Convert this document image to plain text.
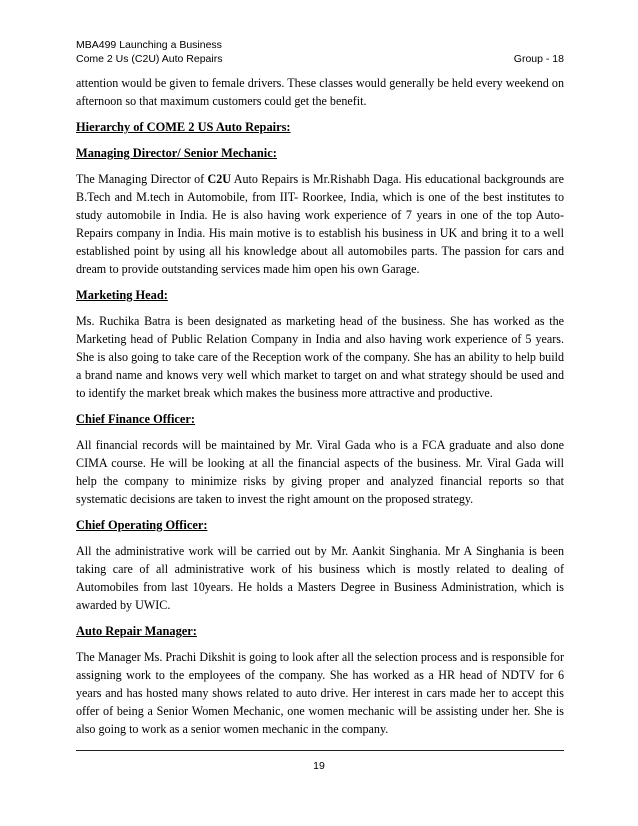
MBA499 Launching a Business
Come 2 Us (C2U) Auto Repairs	Group - 18

attention would be given to female drivers. These classes would generally be held every weekend on afternoon so that maximum customers could get the benefit.

Hierarchy of COME 2 US Auto Repairs:
Managing Director/ Senior Mechanic:

The Managing Director of C2U Auto Repairs is Mr.Rishabh Daga. His educational backgrounds are B.Tech and M.tech in Automobile, from IIT- Roorkee, India, which is one of the best institutes to study automobile in India. He is also having work experience of 7 years in one of the top Auto-Repairs company in India. His main motive is to establish his business in UK and bring it to a well established point by using all his knowledge about all automobiles parts. The passion for cars and dream to provide outstanding services made him open his own Garage.

Marketing Head:

Ms. Ruchika Batra is been designated as marketing head of the business. She has worked as the Marketing head of Public Relation Company in India and also having work experience of 5 years. She is also going to take care of the Reception work of the company. She has an ability to help build a brand name and knows very well which market to target on and what strategy should be used and to identify the market break which makes the business more attractive and productive.

Chief Finance Officer:

All financial records will be maintained by Mr. Viral Gada who is a FCA graduate and also done CIMA course. He will be looking at all the financial aspects of the business. Mr. Viral Gada will help the company to minimize risks by giving proper and analyzed financial reports so that systematic decisions are taken to invest the right amount on the proposed strategy.

Chief Operating Officer:

All the administrative work will be carried out by Mr. Aankit Singhania. Mr A Singhania is been taking care of all administrative work of his business which is mostly related to dealing of Automobiles from last 10years. He holds a Masters Degree in Business Administration, which is awarded by UWIC.

Auto Repair Manager:

The Manager Ms. Prachi Dikshit is going to look after all the selection process and is responsible for assigning work to the employees of the company. She has worked as a HR head of NDTV for 6 years and has hosted many shows related to auto drive. Her interest in cars made her to accept this offer of being a Senior Women Mechanic, one women mechanic will be assisting under her. She is also going to work as a senior women mechanic in the company.

19
